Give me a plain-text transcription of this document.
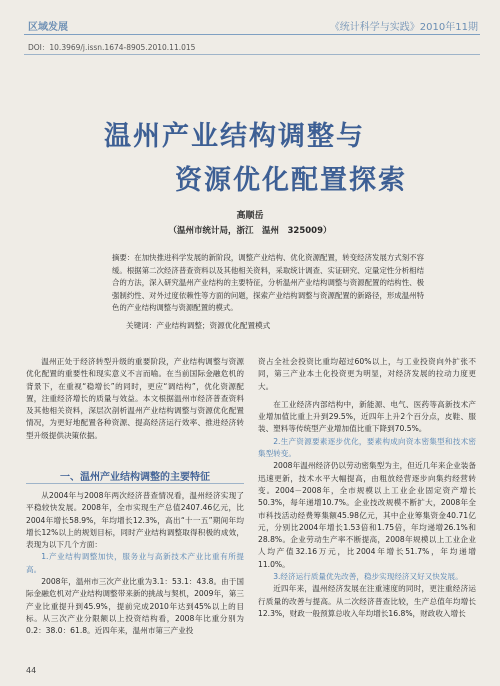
区域发展	《统计科学与实践》2010年11期
DOI：10.3969/j.issn.1674-8905.2010.11.015
温州产业结构调整与
资源优化配置探索
高顺岳
（温州市统计局，浙江　温州　325009）
摘要：在加快推进科学发展的新阶段，调整产业结构、优化资源配置，转变经济发展方式刻不容缓。根据第二次经济普查资料以及其他相关资料，采取统计调查、实证研究、定量定性分析相结合的方法，深入研究温州产业结构的主要特征，分析温州产业结构调整与资源配置的结构性、极强制约性、对外过度依赖性等方面的问题，探索产业结构调整与资源配置的新路径，形成温州特色的产业结构调整与资源配置的模式。
关键词：产业结构调整；资源优化配置模式

温州正处于经济转型升级的重要阶段，产业结构调整与资源优化配置的重要性和现实意义不言而喻。在当前国际金融危机的背景下，在重视“稳增长”的同时，更应“调结构”，优化资源配置，注重经济增长的质量与效益。本文根据温州市经济普查资料及其他相关资料，深层次剖析温州产业结构调整与资源优化配置情况，为更好地配置各种资源、提高经济运行效率、推进经济转型升级提供决策依据。

一、温州产业结构调整的主要特征

从2004年与2008年两次经济普查情况看，温州经济实现了平稳较快发展。2008年，全市实现生产总值2407.46亿元，比2004年增长58.9%，年均增长12.3%，高出“十一五”期间年均增长12%以上的规划目标，同时产业结构调整取得积极的成效，表现为以下几个方面：

1.产业结构调整加快，服务业与高新技术产业比重有所提高。

2008年，温州市三次产业比重为3.1：53.1：43.8。由于国际金融危机对产业结构调整带来新的挑战与契机，2009年，第三产业比重提升到45.9%，提前完成2010年达到45%以上的目标。从三次产业分限额以上投资结构看，2008年比重分别为0.2：38.0：61.8。近四年来，温州市第三产业投

资占全社会投资比重均超过60%以上，与工业投资向外扩张不同，第三产业本土化投资更为明显，对经济发展的拉动力度更大。

在工业经济内部结构中，新能源、电气、医药等高新技术产业增加值比重上升到29.5%，近四年上升2个百分点，皮鞋、服装、塑料等传统型产业增加值比重下降到70.5%。

2.生产资源要素逐步优化，要素构成向资本密集型和技术密集型转变。

2008年温州经济仍以劳动密集型为主，但近几年来企业装备迅速更新，技术水平大幅提高，由粗放经营逐步向集约经营转变。2004－2008年，全市规模以上工业企业固定资产增长50.3%，每年递增10.7%。企业技改规模不断扩大，2008年全市科技活动经费筹集额45.98亿元，其中企业筹集资金40.71亿元，分别比2004年增长1.53倍和1.75倍，年均递增26.1%和28.8%。企业劳动生产率不断提高，2008年规模以上工业企业人均产值32.16万元，比2004年增长51.7%，年均递增11.0%。

3.经济运行质量优先改善，稳步实现经济又好又快发展。

近四年来，温州经济发展在注重速度的同时，更注重经济运行质量的改善与提高。从二次经济普查比较，生产总值年均增长12.3%，财政一般预算总收入年均增长16.8%，财政收入增长

44
